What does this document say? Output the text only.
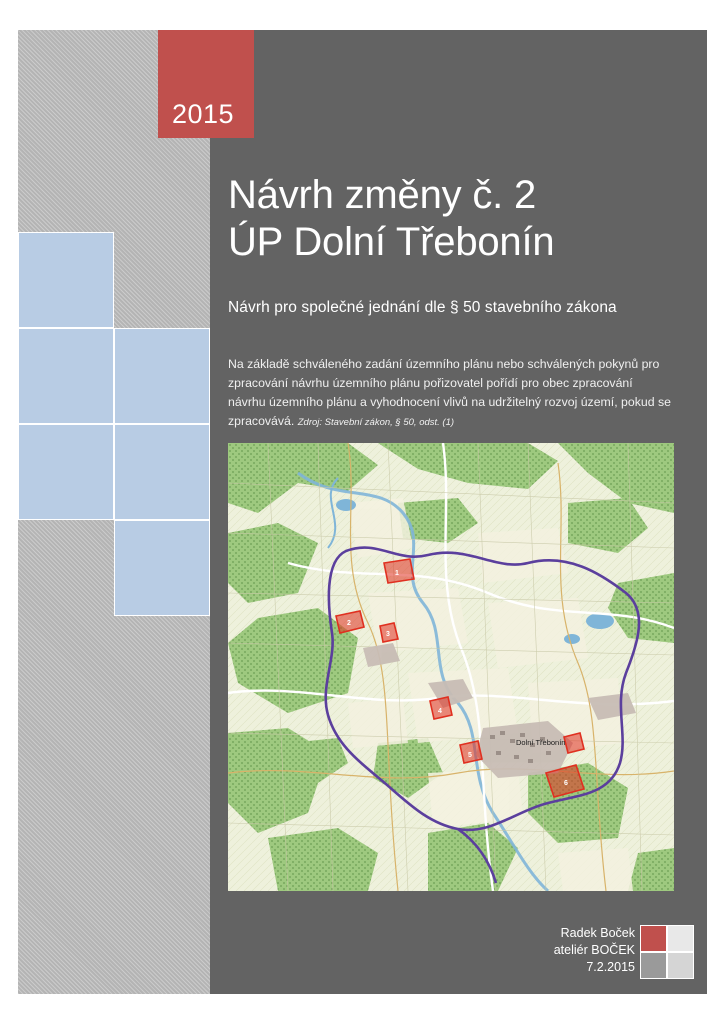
2015
Návrh změny č. 2
ÚP Dolní Třebonín
Návrh pro společné jednání dle § 50 stavebního zákona
Na základě schváleného zadání územního plánu nebo schválených pokynů pro zpracování návrhu územního plánu pořizovatel pořídí pro obec zpracování návrhu územního plánu a vyhodnocení vlivů na udržitelný rozvoj území, pokud se zpracovává. Zdroj: Stavební zákon, § 50, odst. (1)
1
2
3
4
5
6
Dolní Třebonín
Radek Boček
ateliér BOČEK
7.2.2015
